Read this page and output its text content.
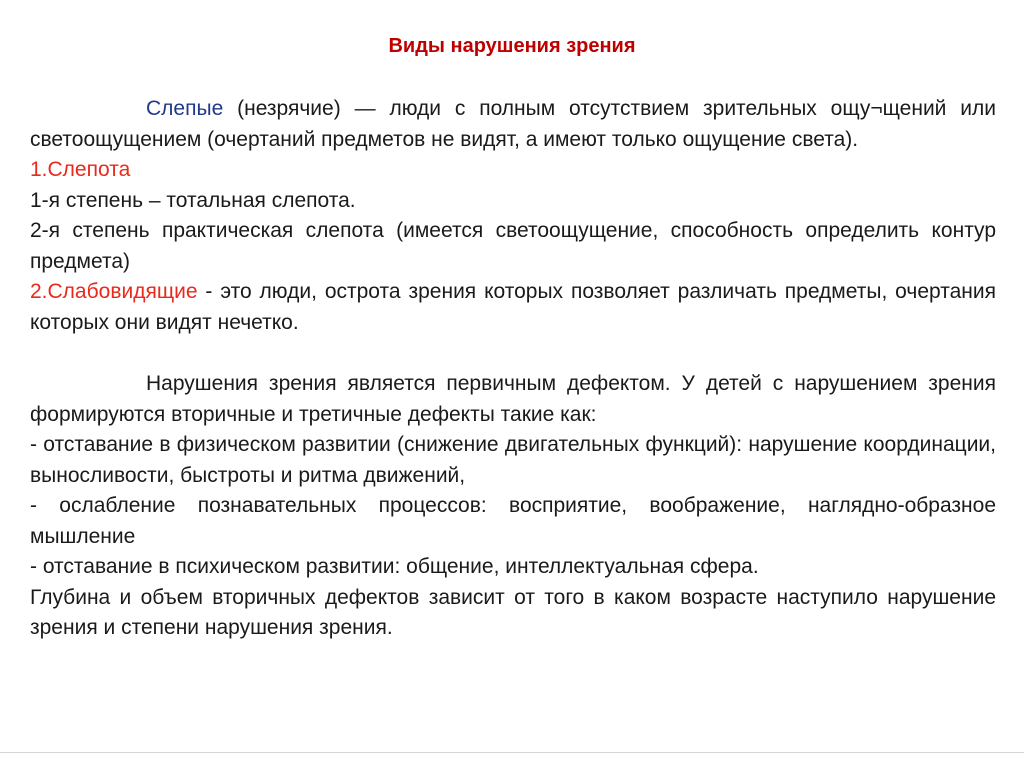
Виды нарушения зрения

Слепые (незрячие) — люди с полным отсутствием зрительных ощу¬щений или светоощущением (очертаний предметов не видят, а имеют только ощущение света).

1.Слепота

1-я степень – тотальная слепота.

2-я степень практическая слепота (имеется светоощущение, способность определить контур предмета)

2.Слабовидящие - это люди, острота зрения которых позволяет различать предметы, очертания которых они видят нечетко.

Нарушения зрения является первичным дефектом. У детей с нарушением зрения формируются вторичные и третичные дефекты такие как:

- отставание в физическом развитии (снижение двигательных функций): нарушение координации, выносливости, быстроты и ритма движений,

- ослабление познавательных процессов: восприятие, воображение, наглядно-образное мышление

- отставание в психическом развитии: общение, интеллектуальная сфера.

Глубина и объем вторичных дефектов зависит от того в каком возрасте наступило нарушение зрения и степени нарушения зрения.
